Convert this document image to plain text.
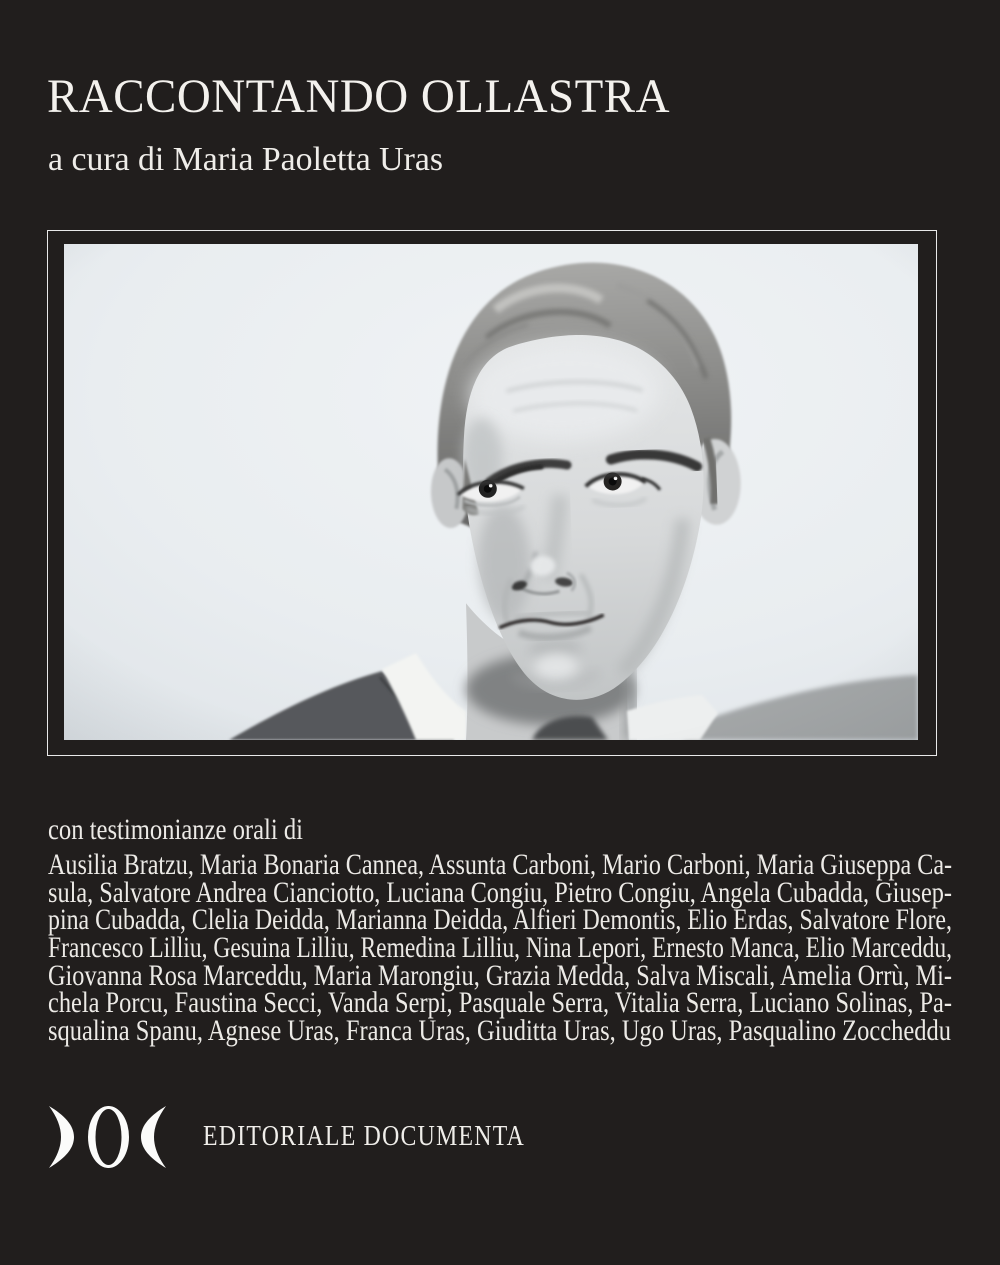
RACCONTANDO OLLASTRA
a cura di Maria Paoletta Uras
con testimonianze orali di
Ausilia Bratzu, Maria Bonaria Cannea, Assunta Carboni, Mario Carboni, Maria Giuseppa Ca-
sula, Salvatore Andrea Cianciotto, Luciana Congiu, Pietro Congiu, Angela Cubadda, Giusep-
pina Cubadda, Clelia Deidda, Marianna Deidda, Alfieri Demontis, Elio Erdas, Salvatore Flore,
Francesco Lilliu, Gesuina Lilliu, Remedina Lilliu, Nina Lepori, Ernesto Manca, Elio Marceddu,
Giovanna Rosa Marceddu, Maria Marongiu, Grazia Medda, Salva Miscali, Amelia Orrù, Mi-
chela Porcu, Faustina Secci, Vanda Serpi, Pasquale Serra, Vitalia Serra, Luciano Solinas, Pa-
squalina Spanu, Agnese Uras, Franca Uras, Giuditta Uras, Ugo Uras, Pasqualino Zoccheddu
EDITORIALE DOCUMENTA
